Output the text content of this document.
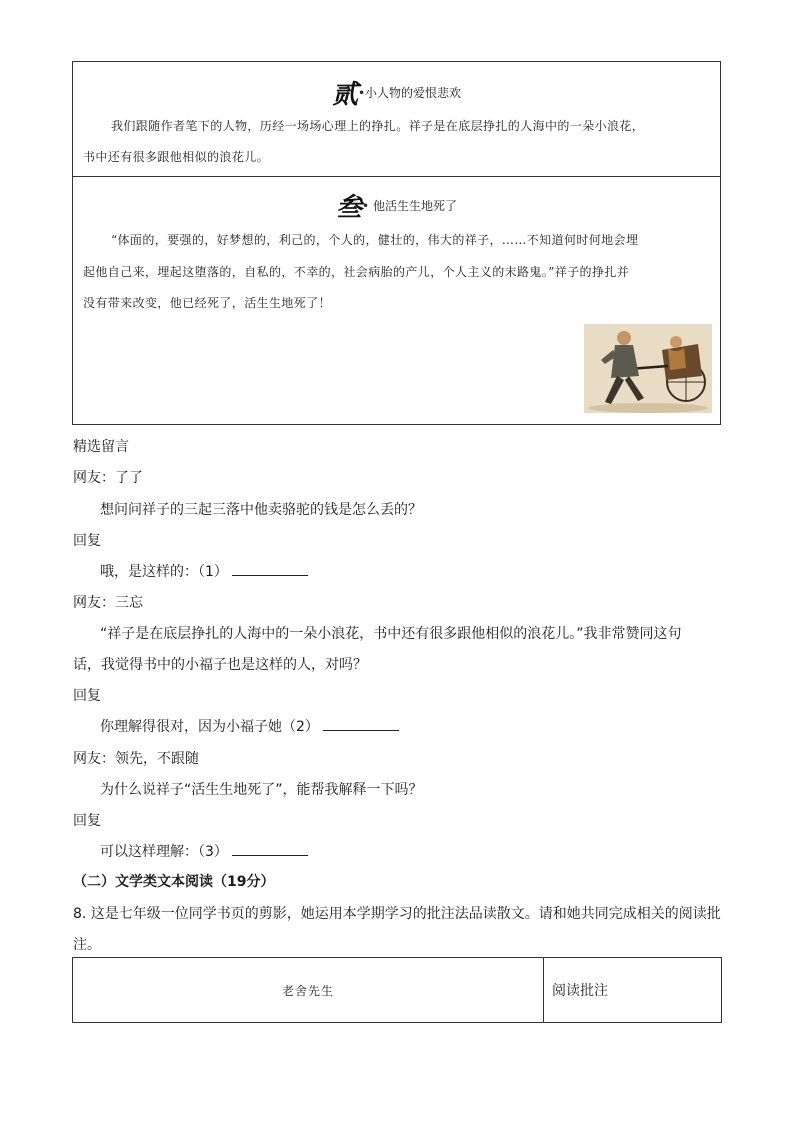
贰•小人物的爱恨悲欢
我们跟随作者笔下的人物，历经一场场心理上的挣扎。祥子是在底层挣扎的人海中的一朵小浪花，
书中还有很多跟他相似的浪花儿。
叁• 他活生生地死了
“体面的，要强的，好梦想的，利己的，个人的，健壮的，伟大的祥子，……不知道何时何地会埋
起他自己来，埋起这堕落的，自私的，不幸的，社会病胎的产儿，个人主义的末路鬼。”祥子的挣扎并
没有带来改变，他已经死了，活生生地死了！
精选留言
网友：了了
想问问祥子的三起三落中他卖骆驼的钱是怎么丢的？
回复
哦，是这样的：（1）
网友：三忘
“祥子是在底层挣扎的人海中的一朵小浪花，书中还有很多跟他相似的浪花儿。”我非常赞同这句
话，我觉得书中的小福子也是这样的人，对吗？
回复
你理解得很对，因为小福子她（2）
网友：领先，不跟随
为什么说祥子“活生生地死了”，能帮我解释一下吗？
回复
可以这样理解：（3）
（二）文学类文本阅读（19分）
8. 这是七年级一位同学书页的剪影，她运用本学期学习的批注法品读散文。请和她共同完成相关的阅读批
注。
老舍先生	阅读批注
